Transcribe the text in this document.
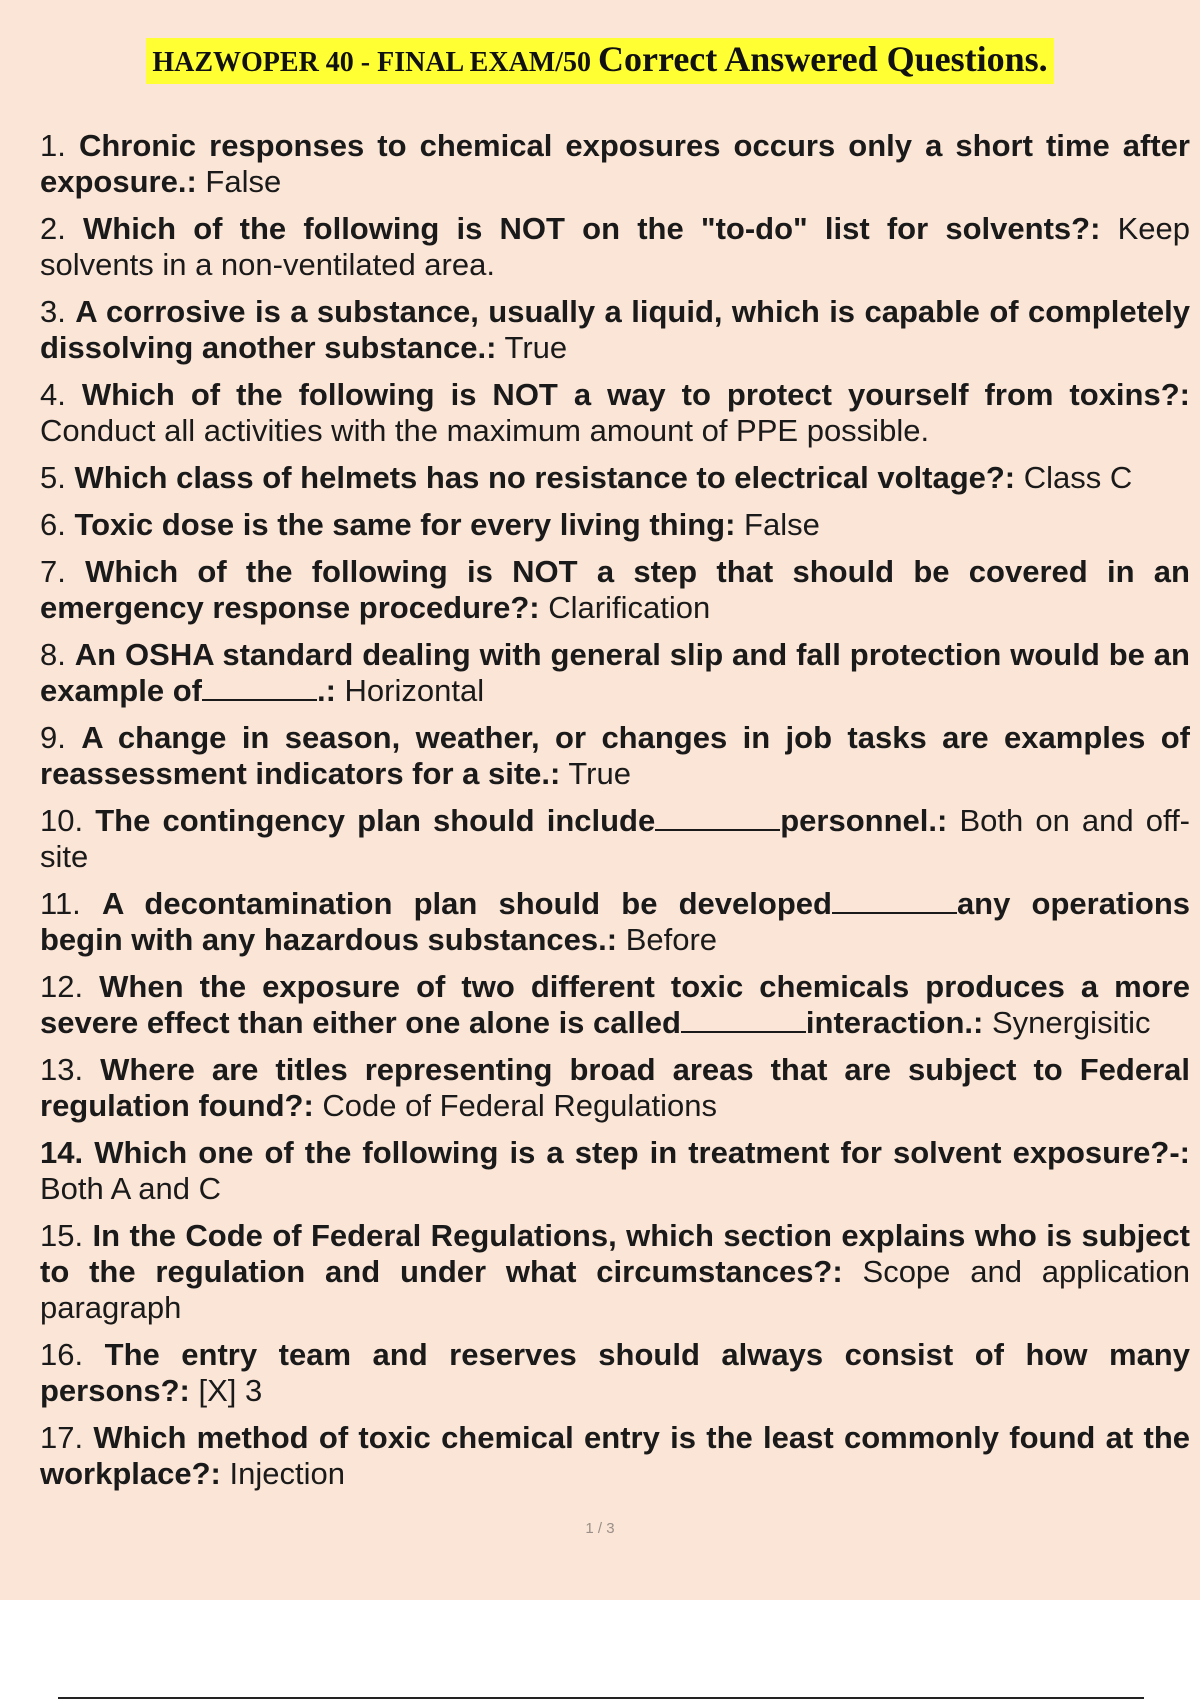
HAZWOPER 40 - FINAL EXAM/50 Correct Answered Questions.

1. Chronic responses to chemical exposures occurs only a short time after exposure.: False

2. Which of the following is NOT on the "to-do" list for solvents?: Keep solvents in a non-ventilated area.

3. A corrosive is a substance, usually a liquid, which is capable of completely dissolving another substance.: True

4. Which of the following is NOT a way to protect yourself from toxins?: Conduct all activities with the maximum amount of PPE possible.

5. Which class of helmets has no resistance to electrical voltage?: Class C

6. Toxic dose is the same for every living thing: False

7. Which of the following is NOT a step that should be covered in an emergency response procedure?: Clarification

8. An OSHA standard dealing with general slip and fall protection would be an example of	.: Horizontal

9. A change in season, weather, or changes in job tasks are examples of reassessment indicators for a site.: True

10. The contingency plan should include	personnel.: Both on and off-site

11. A decontamination plan should be developed	any operations begin with any hazardous substances.: Before

12. When the exposure of two different toxic chemicals produces a more severe effect than either one alone is called	interaction.: Synergisitic

13. Where are titles representing broad areas that are subject to Federal regulation found?: Code of Federal Regulations

14. Which one of the following is a step in treatment for solvent exposure?-: Both A and C

15. In the Code of Federal Regulations, which section explains who is subject to the regulation and under what circumstances?: Scope and application paragraph

16. The entry team and reserves should always consist of how many persons?: [X] 3

17. Which method of toxic chemical entry is the least commonly found at the workplace?: Injection

1 / 3
